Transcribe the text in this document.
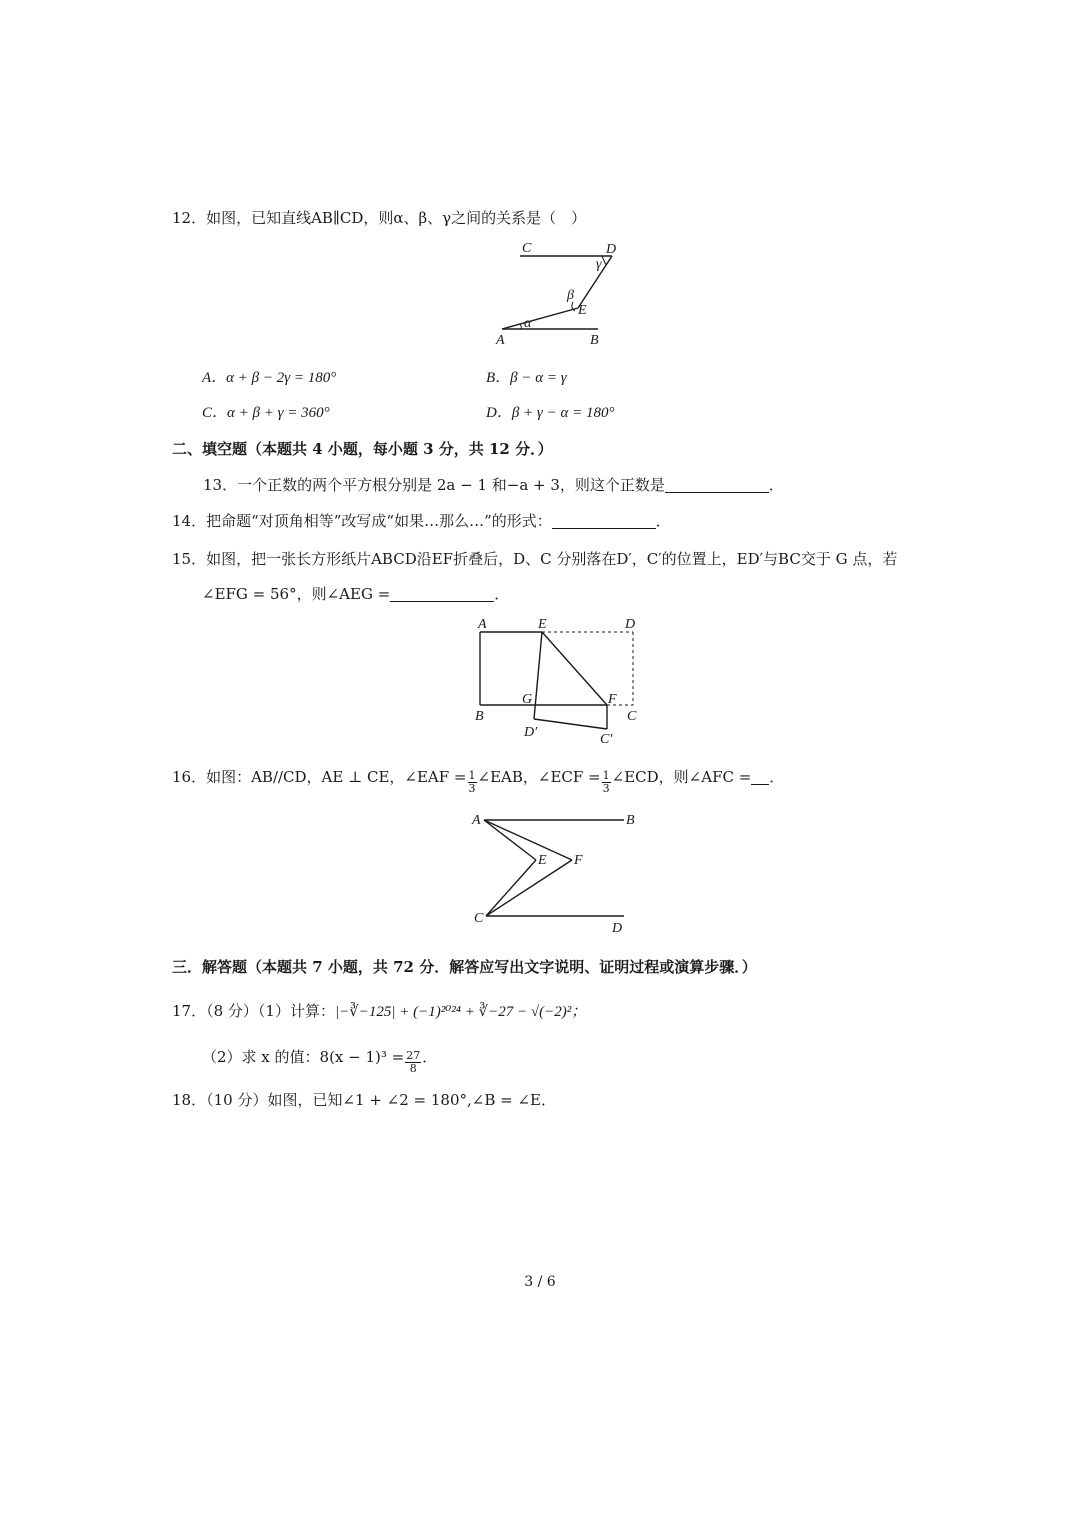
12．如图，已知直线AB∥CD，则α、β、γ之间的关系是（　）
C	D
γ
β
E
α
A	B
A．α + β − 2γ = 180°	B．β − α = γ
C．α + β + γ = 360°	D．β + γ − α = 180°
二、填空题（本题共 4 小题，每小题 3 分，共 12 分．）
13．一个正数的两个平方根分别是 2a − 1 和−a + 3，则这个正数是	．
14．把命题“对顶角相等”改写成“如果…那么…”的形式：	．
15．如图，把一张长方形纸片ABCD沿EF折叠后，D、C 分别落在D′，C′的位置上，ED′与BC交于 G 点，若
∠EFG = 56°，则∠AEG =	．
A	E	D
G	F
B	C
D′	C′
16．如图：AB//CD，AE ⊥ CE，∠EAF = $\frac{1}{3}$ ∠EAB，∠ECF = $\frac{1}{3}$ ∠ECD，则∠AFC = ．
A	B
E F
C
D
三．解答题（本题共 7 小题，共 72 分．解答应写出文字说明、证明过程或演算步骤．）
17．（8 分）（1）计算：|−∛−125| + (−1)²⁰²⁴ + ∛−27 − √(−2)²；
（2）求 x 的值：$8(x - 1)^3 = \frac{27}{8}$ ．
18．（10 分）如图，已知∠1 + ∠2 = 180°,∠B = ∠E．
3 / 6
